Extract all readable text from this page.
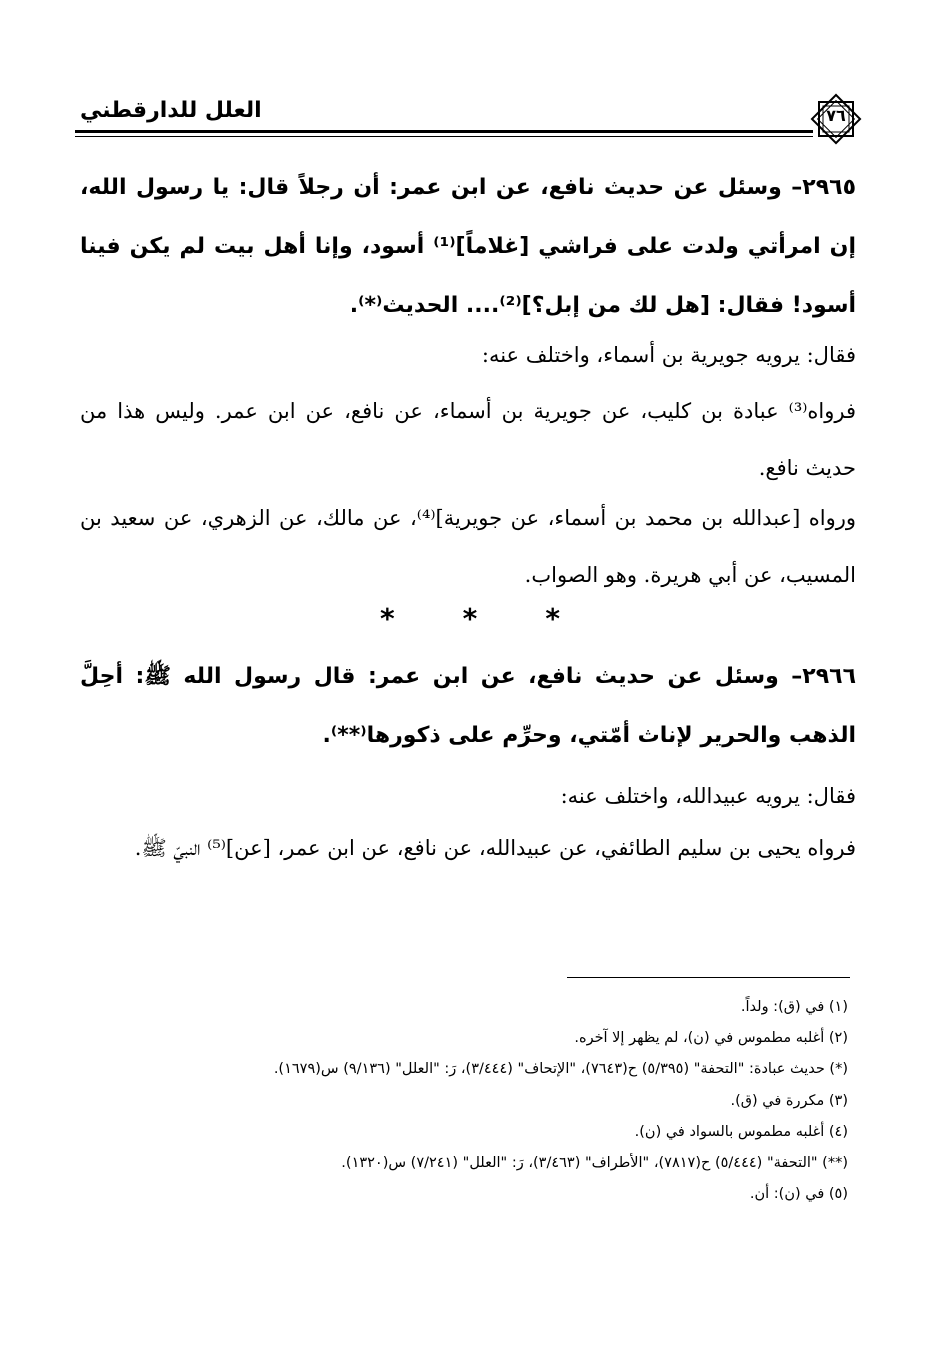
٧٦
العلل للدارقطني
٢٩٦٥– وسئل عن حديث نافع، عن ابن عمر: أن رجلاً قال: يا رسول الله، إن امرأتي ولدت على فراشي [غلاماً]⁽¹⁾ أسود، وإنا أهل بيت لم يكن فينا أسود! فقال: [هل لك من إبل؟]⁽²⁾.... الحديث⁽*⁾.
فقال: يرويه جويرية بن أسماء، واختلف عنه:
فرواه⁽³⁾ عبادة بن كليب، عن جويرية بن أسماء، عن نافع، عن ابن عمر. وليس هذا من حديث نافع.
ورواه [عبدالله بن محمد بن أسماء، عن جويرية]⁽⁴⁾، عن مالك، عن الزهري، عن سعيد بن المسيب، عن أبي هريرة. وهو الصواب.
*
*
*
٢٩٦٦– وسئل عن حديث نافع، عن ابن عمر: قال رسول الله ﷺ: أحِلَّ الذهب والحرير لإناث أمّتي، وحرِّم على ذكورها⁽**⁾.
فقال: يرويه عبيدالله، واختلف عنه:
فرواه يحيى بن سليم الطائفي، عن عبيدالله، عن نافع، عن ابن عمر، [عن]⁽⁵⁾ النبيّ ﷺ.
(١) في (ق): ولداً.
(٢) أغلبه مطموس في (ن)، لم يظهر إلا آخره.
(*) حديث عبادة: "التحفة" (٥/٣٩٥) ح(٧٦٤٣)، "الإتحاف" (٣/٤٤٤)، رَ: "العلل" (٩/١٣٦) س(١٦٧٩).
(٣) مكررة في (ق).
(٤) أغلبه مطموس بالسواد في (ن).
(**) "التحفة" (٥/٤٤٤) ح(٧٨١٧)، "الأطراف" (٣/٤٦٣)، رَ: "العلل" (٧/٢٤١) س(١٣٢٠).
(٥) في (ن): أن.
